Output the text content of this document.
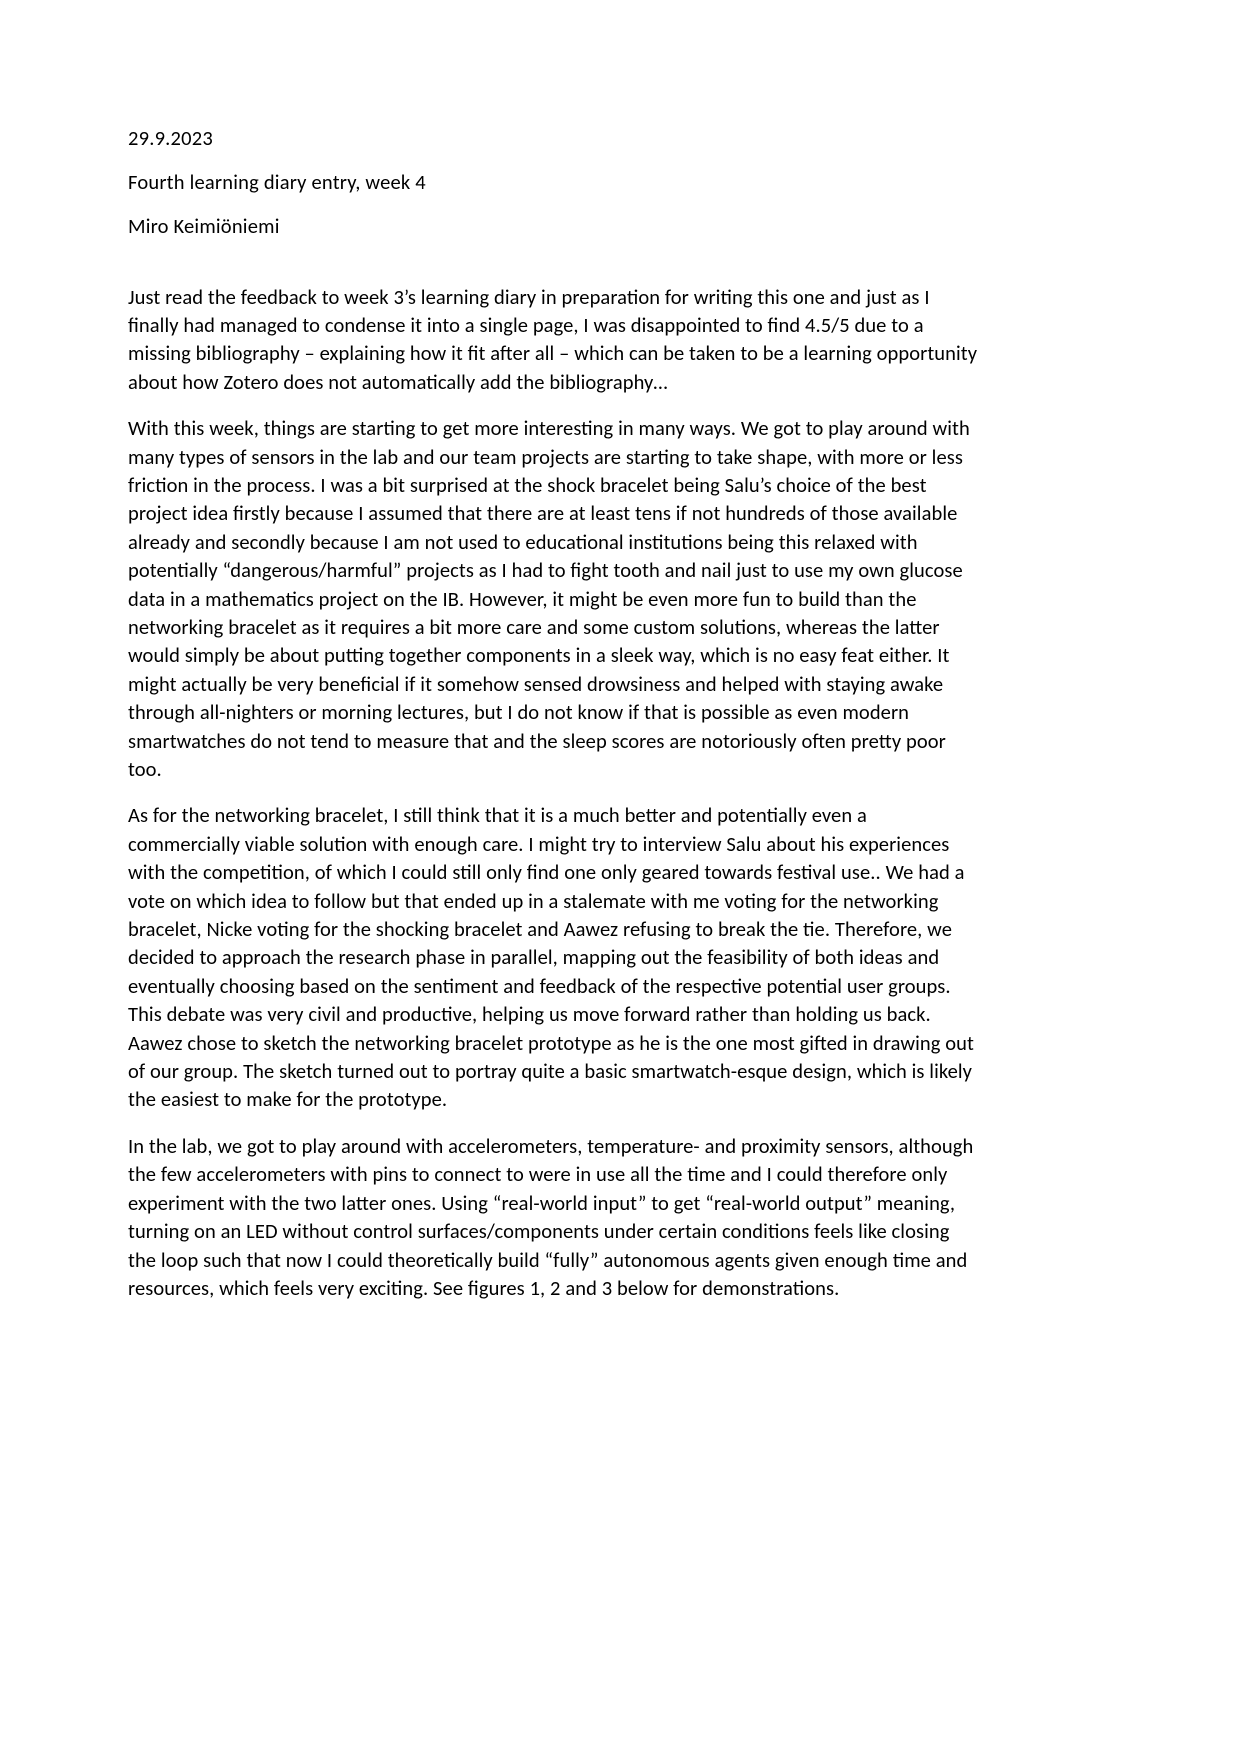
29.9.2023

Fourth learning diary entry, week 4

Miro Keimiöniemi

Just read the feedback to week 3’s learning diary in preparation for writing this one and just as I finally had managed to condense it into a single page, I was disappointed to find 4.5/5 due to a missing bibliography – explaining how it fit after all – which can be taken to be a learning opportunity about how Zotero does not automatically add the bibliography…

With this week, things are starting to get more interesting in many ways. We got to play around with many types of sensors in the lab and our team projects are starting to take shape, with more or less friction in the process. I was a bit surprised at the shock bracelet being Salu’s choice of the best project idea firstly because I assumed that there are at least tens if not hundreds of those available already and secondly because I am not used to educational institutions being this relaxed with potentially “dangerous/harmful” projects as I had to fight tooth and nail just to use my own glucose data in a mathematics project on the IB. However, it might be even more fun to build than the networking bracelet as it requires a bit more care and some custom solutions, whereas the latter would simply be about putting together components in a sleek way, which is no easy feat either. It might actually be very beneficial if it somehow sensed drowsiness and helped with staying awake through all-nighters or morning lectures, but I do not know if that is possible as even modern smartwatches do not tend to measure that and the sleep scores are notoriously often pretty poor too.

As for the networking bracelet, I still think that it is a much better and potentially even a commercially viable solution with enough care. I might try to interview Salu about his experiences with the competition, of which I could still only find one only geared towards festival use.. We had a vote on which idea to follow but that ended up in a stalemate with me voting for the networking bracelet, Nicke voting for the shocking bracelet and Aawez refusing to break the tie. Therefore, we decided to approach the research phase in parallel, mapping out the feasibility of both ideas and eventually choosing based on the sentiment and feedback of the respective potential user groups. This debate was very civil and productive, helping us move forward rather than holding us back. Aawez chose to sketch the networking bracelet prototype as he is the one most gifted in drawing out of our group. The sketch turned out to portray quite a basic smartwatch-esque design, which is likely the easiest to make for the prototype.

In the lab, we got to play around with accelerometers, temperature- and proximity sensors, although the few accelerometers with pins to connect to were in use all the time and I could therefore only experiment with the two latter ones. Using “real-world input” to get “real-world output” meaning, turning on an LED without control surfaces/components under certain conditions feels like closing the loop such that now I could theoretically build “fully” autonomous agents given enough time and resources, which feels very exciting. See figures 1, 2 and 3 below for demonstrations.
